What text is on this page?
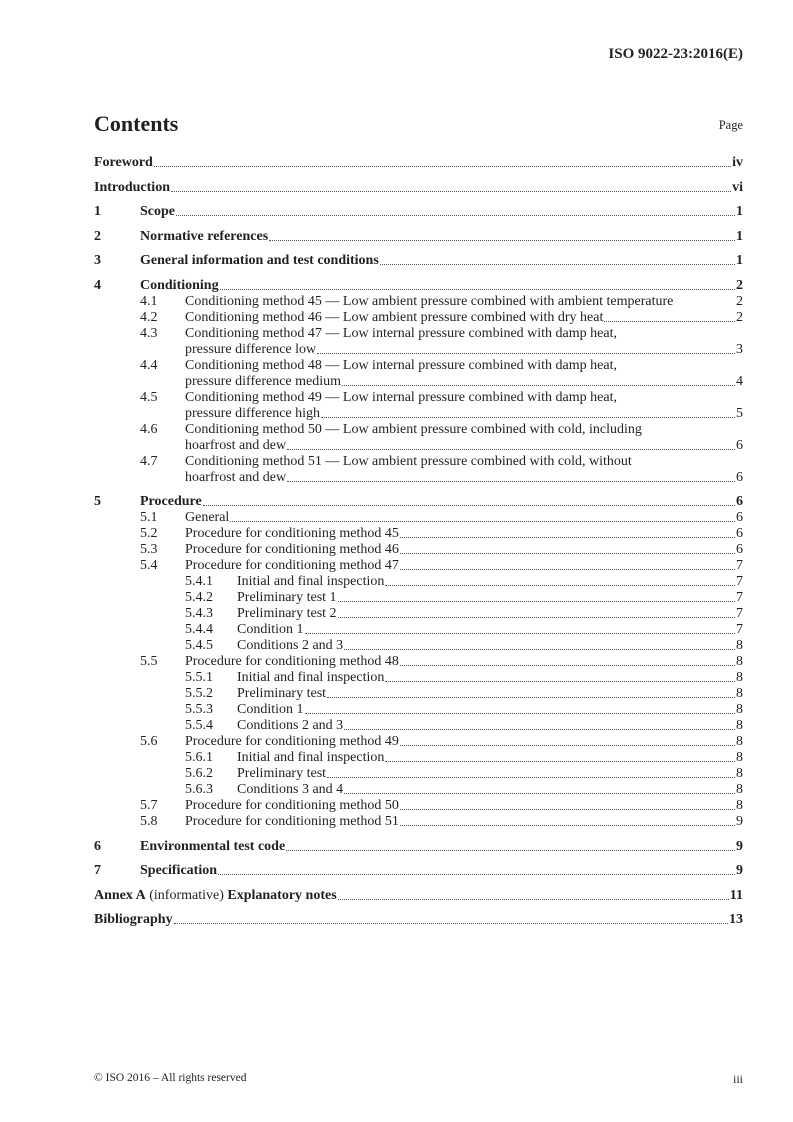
ISO 9022-23:2016(E)
Contents	Page
Foreword	iv
Introduction	vi
1	Scope	1
2	Normative references	1
3	General information and test conditions	1
4	Conditioning	2
4.1	Conditioning method 45 — Low ambient pressure combined with ambient temperature	2
4.2	Conditioning method 46 — Low ambient pressure combined with dry heat	2
4.3	Conditioning method 47 — Low internal pressure combined with damp heat,
pressure difference low	3
4.4	Conditioning method 48 — Low internal pressure combined with damp heat,
pressure difference medium	4
4.5	Conditioning method 49 — Low internal pressure combined with damp heat,
pressure difference high	5
4.6	Conditioning method 50 — Low ambient pressure combined with cold, including
hoarfrost and dew	6
4.7	Conditioning method 51 — Low ambient pressure combined with cold, without
hoarfrost and dew	6
5	Procedure	6
5.1	General	6
5.2	Procedure for conditioning method 45	6
5.3	Procedure for conditioning method 46	6
5.4	Procedure for conditioning method 47	7
5.4.1	Initial and final inspection	7
5.4.2	Preliminary test 1	7
5.4.3	Preliminary test 2	7
5.4.4	Condition 1	7
5.4.5	Conditions 2 and 3	8
5.5	Procedure for conditioning method 48	8
5.5.1	Initial and final inspection	8
5.5.2	Preliminary test	8
5.5.3	Condition 1	8
5.5.4	Conditions 2 and 3	8
5.6	Procedure for conditioning method 49	8
5.6.1	Initial and final inspection	8
5.6.2	Preliminary test	8
5.6.3	Conditions 3 and 4	8
5.7	Procedure for conditioning method 50	8
5.8	Procedure for conditioning method 51	9
6	Environmental test code	9
7	Specification	9
Annex A (informative) Explanatory notes	11
Bibliography	13
© ISO 2016 – All rights reserved	iii
